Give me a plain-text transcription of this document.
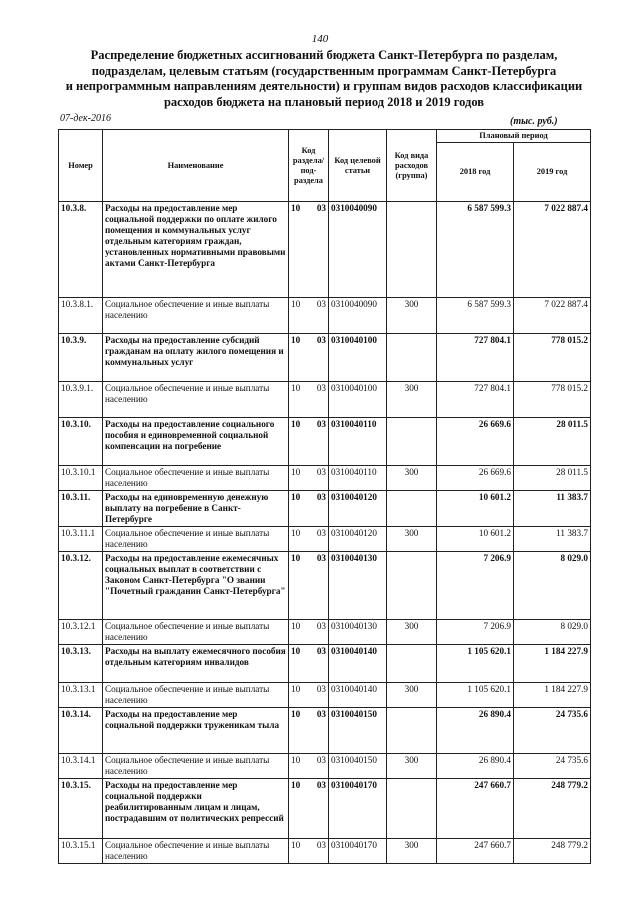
140
Распределение бюджетных ассигнований бюджета Санкт-Петербурга по разделам,
подразделам, целевым статьям (государственным программам Санкт-Петербурга
и непрограммным направлениям деятельности) и группам видов расходов классификации
расходов бюджета на плановый период 2018 и 2019 годов
07-дек-2016	(тыс. руб.)
Номер	Наименование	Код раздела/ под- раздела	Код целевой статьи	Код вида расходов (группа)	Плановый период	
					2018 год	2019 год
10.3.8.	Расходы на предоставление мер социальной поддержки по оплате жилого помещения и коммунальных услуг отдельным категориям граждан, установленных нормативными правовыми актами Санкт-Петербурга	10 03	0310040090		6 587 599.3	7 022 887.4
10.3.8.1.	Социальное обеспечение и иные выплаты населению	10 03	0310040090	300	6 587 599.3	7 022 887.4
10.3.9.	Расходы на предоставление субсидий гражданам на оплату жилого помещения и коммунальных услуг	10 03	0310040100		727 804.1	778 015.2
10.3.9.1.	Социальное обеспечение и иные выплаты населению	10 03	0310040100	300	727 804.1	778 015.2
10.3.10.	Расходы на предоставление социального пособия и единовременной социальной компенсации на погребение	10 03	0310040110		26 669.6	28 011.5
10.3.10.1	Социальное обеспечение и иные выплаты населению	10 03	0310040110	300	26 669.6	28 011.5
10.3.11.	Расходы на единовременную денежную выплату на погребение в Санкт-Петербурге	10 03	0310040120		10 601.2	11 383.7
10.3.11.1	Социальное обеспечение и иные выплаты населению	10 03	0310040120	300	10 601.2	11 383.7
10.3.12.	Расходы на предоставление ежемесячных социальных выплат в соответствии с Законом Санкт-Петербурга "О звании "Почетный гражданин Санкт-Петербурга"	10 03	0310040130		7 206.9	8 029.0
10.3.12.1	Социальное обеспечение и иные выплаты населению	10 03	0310040130	300	7 206.9	8 029.0
10.3.13.	Расходы на выплату ежемесячного пособия отдельным категориям инвалидов	10 03	0310040140		1 105 620.1	1 184 227.9
10.3.13.1	Социальное обеспечение и иные выплаты населению	10 03	0310040140	300	1 105 620.1	1 184 227.9
10.3.14.	Расходы на предоставление мер социальной поддержки труженикам тыла	10 03	0310040150		26 890.4	24 735.6
10.3.14.1	Социальное обеспечение и иные выплаты населению	10 03	0310040150	300	26 890.4	24 735.6
10.3.15.	Расходы на предоставление мер социальной поддержки реабилитированным лицам и лицам, пострадавшим от политических репрессий	10 03	0310040170		247 660.7	248 779.2
10.3.15.1	Социальное обеспечение и иные выплаты населению	10 03	0310040170	300	247 660.7	248 779.2
